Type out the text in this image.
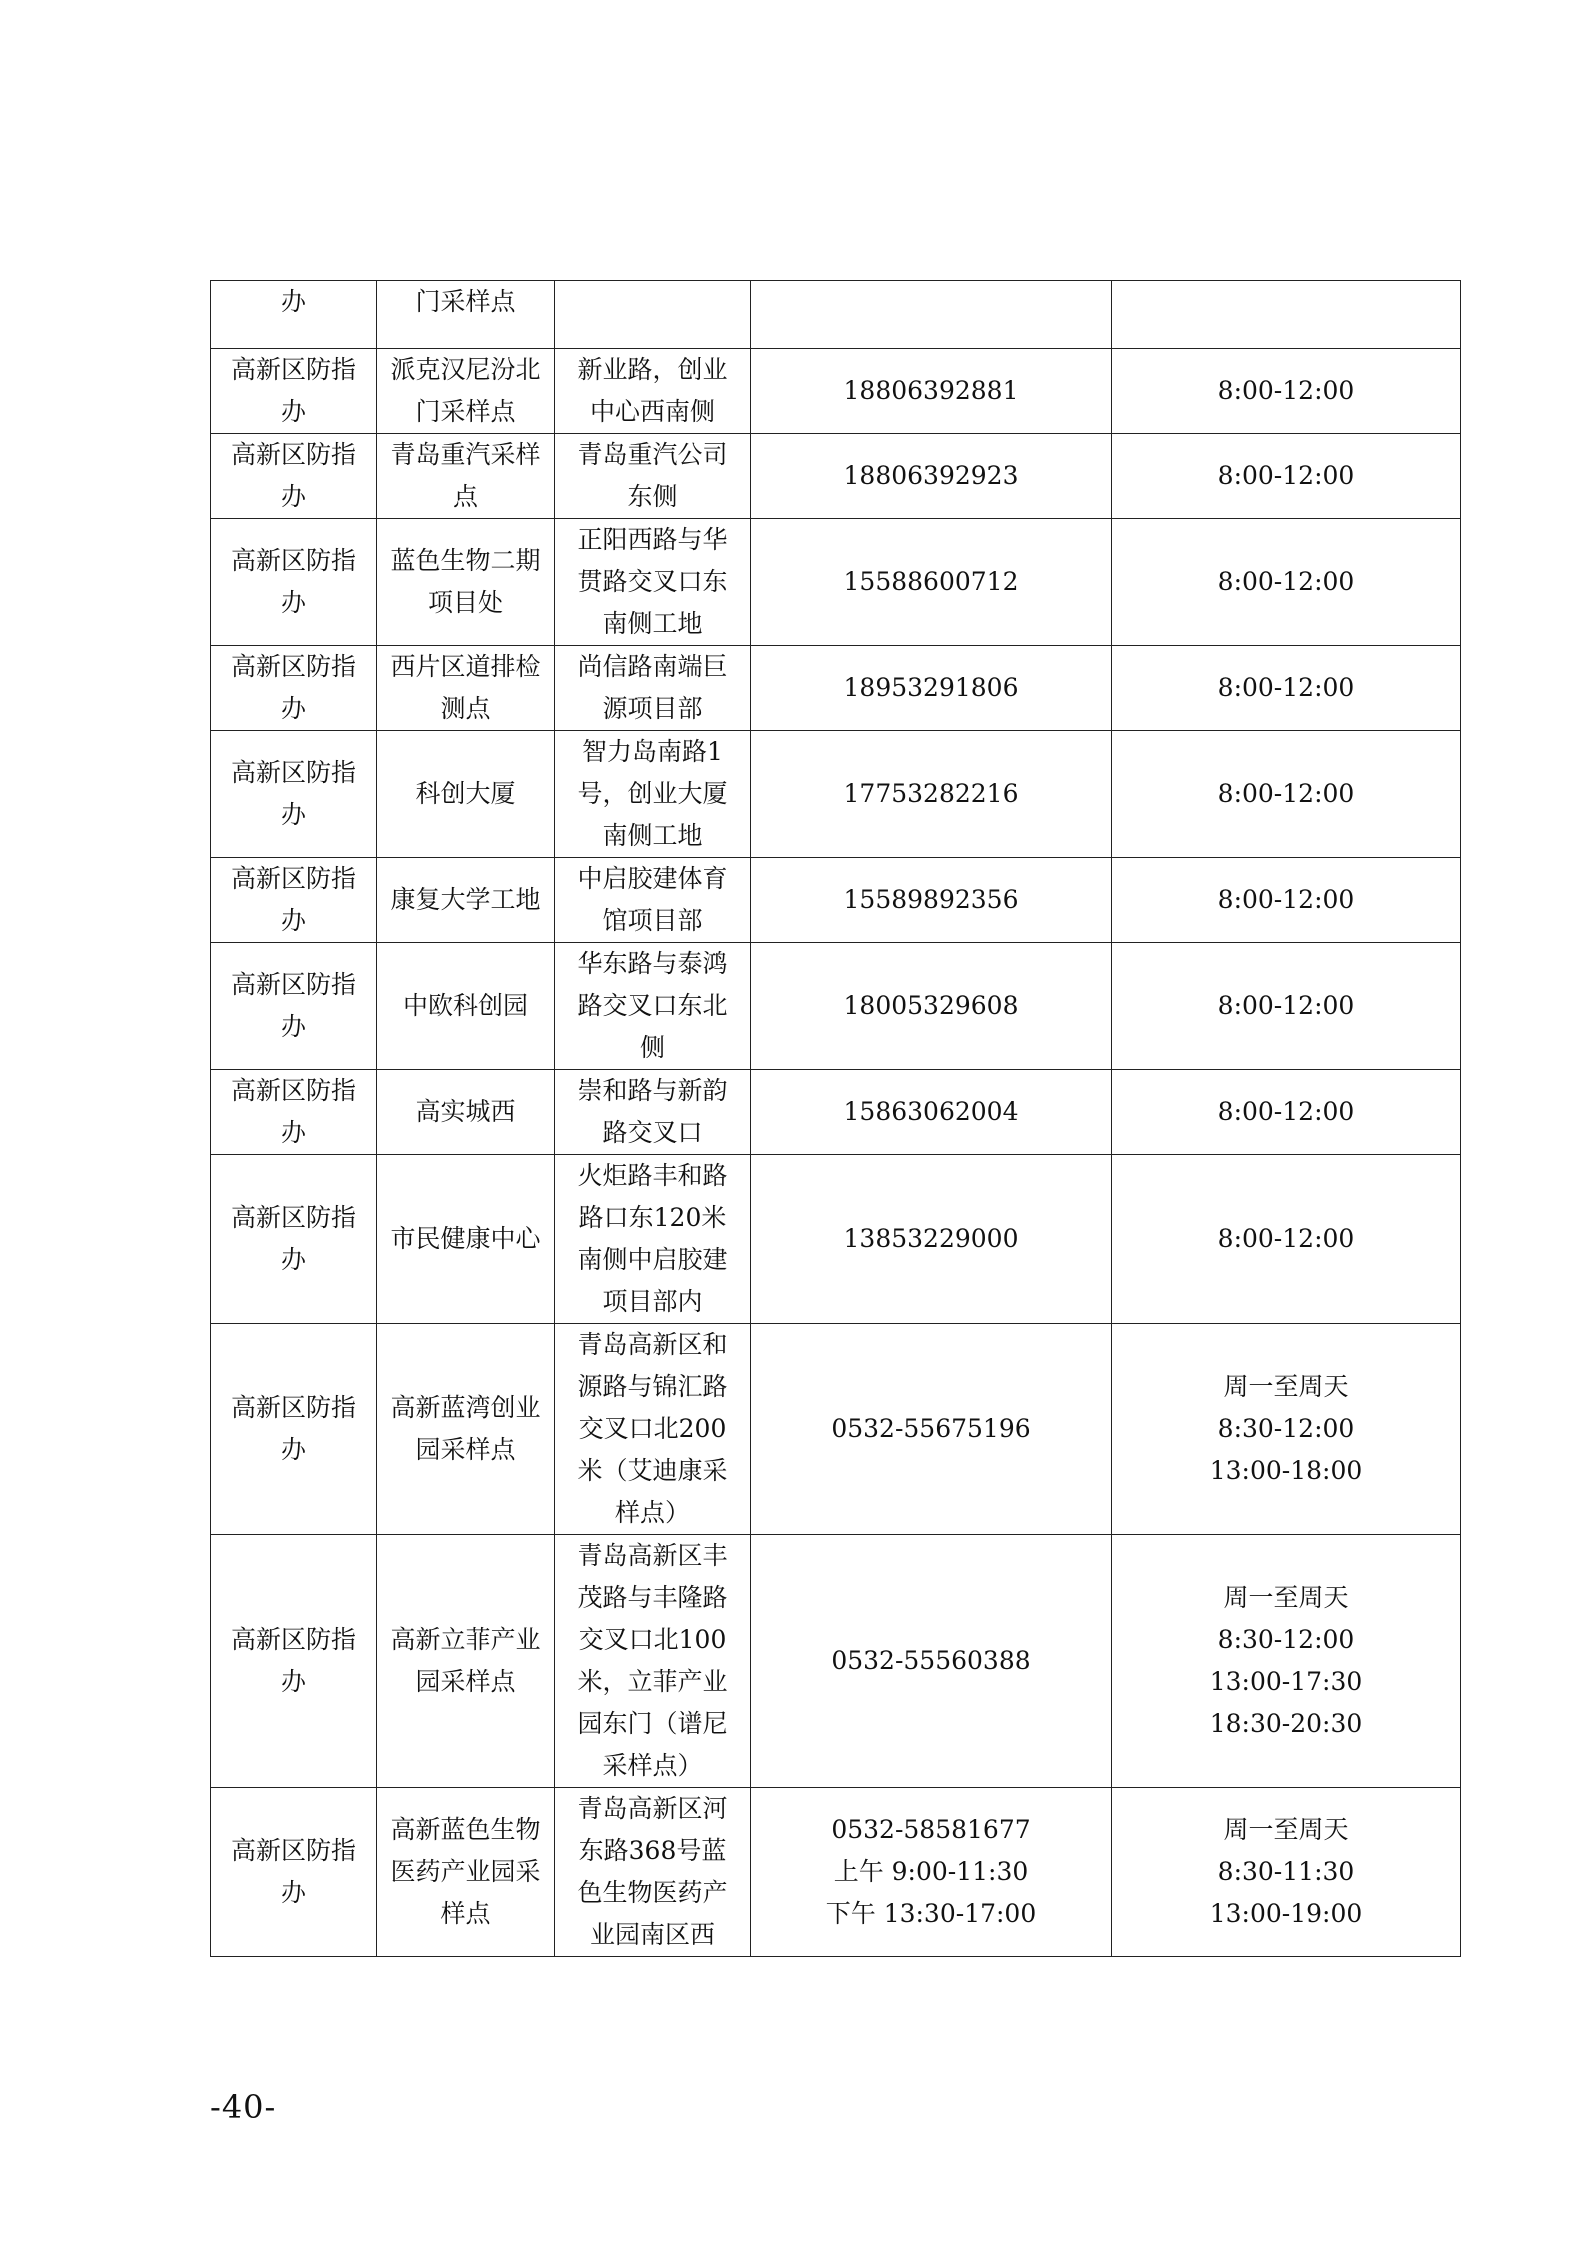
办	门采样点			
高新区防指办	派克汉尼汾北门采样点	新业路，创业中心西南侧	18806392881	8:00-12:00

高新区防指办	青岛重汽采样点	青岛重汽公司东侧	18806392923	8:00-12:00

高新区防指办	蓝色生物二期项目处	正阳西路与华贯路交叉口东南侧工地	15588600712	8:00-12:00

高新区防指办	西片区道排检测点	尚信路南端巨源项目部	18953291806	8:00-12:00

高新区防指办	科创大厦	智力岛南路1号，创业大厦南侧工地	17753282216	8:00-12:00

高新区防指办	康复大学工地	中启胶建体育馆项目部	15589892356	8:00-12:00

高新区防指办	中欧科创园	华东路与泰鸿路交叉口东北侧	18005329608	8:00-12:00

高新区防指办	高实城西	崇和路与新韵路交叉口	15863062004	8:00-12:00

高新区防指办	市民健康中心	火炬路丰和路路口东120米南侧中启胶建项目部内	13853229000	8:00-12:00

高新区防指办	高新蓝湾创业园采样点	青岛高新区和源路与锦汇路交叉口北200米（艾迪康采样点）	0532-55675196	周一至周天
8:30-12:00
13:00-18:00

高新区防指办	高新立菲产业园采样点	青岛高新区丰茂路与丰隆路交叉口北100米，立菲产业园东门（谱尼采样点）	0532-55560388	周一至周天
8:30-12:00
13:00-17:30
18:30-20:30

高新区防指办	高新蓝色生物医药产业园采样点	青岛高新区河东路368号蓝色生物医药产业园南区西	0532-58581677
上午 9:00-11:30
下午 13:30-17:00	周一至周天
8:30-11:30
13:00-19:00
-40-
